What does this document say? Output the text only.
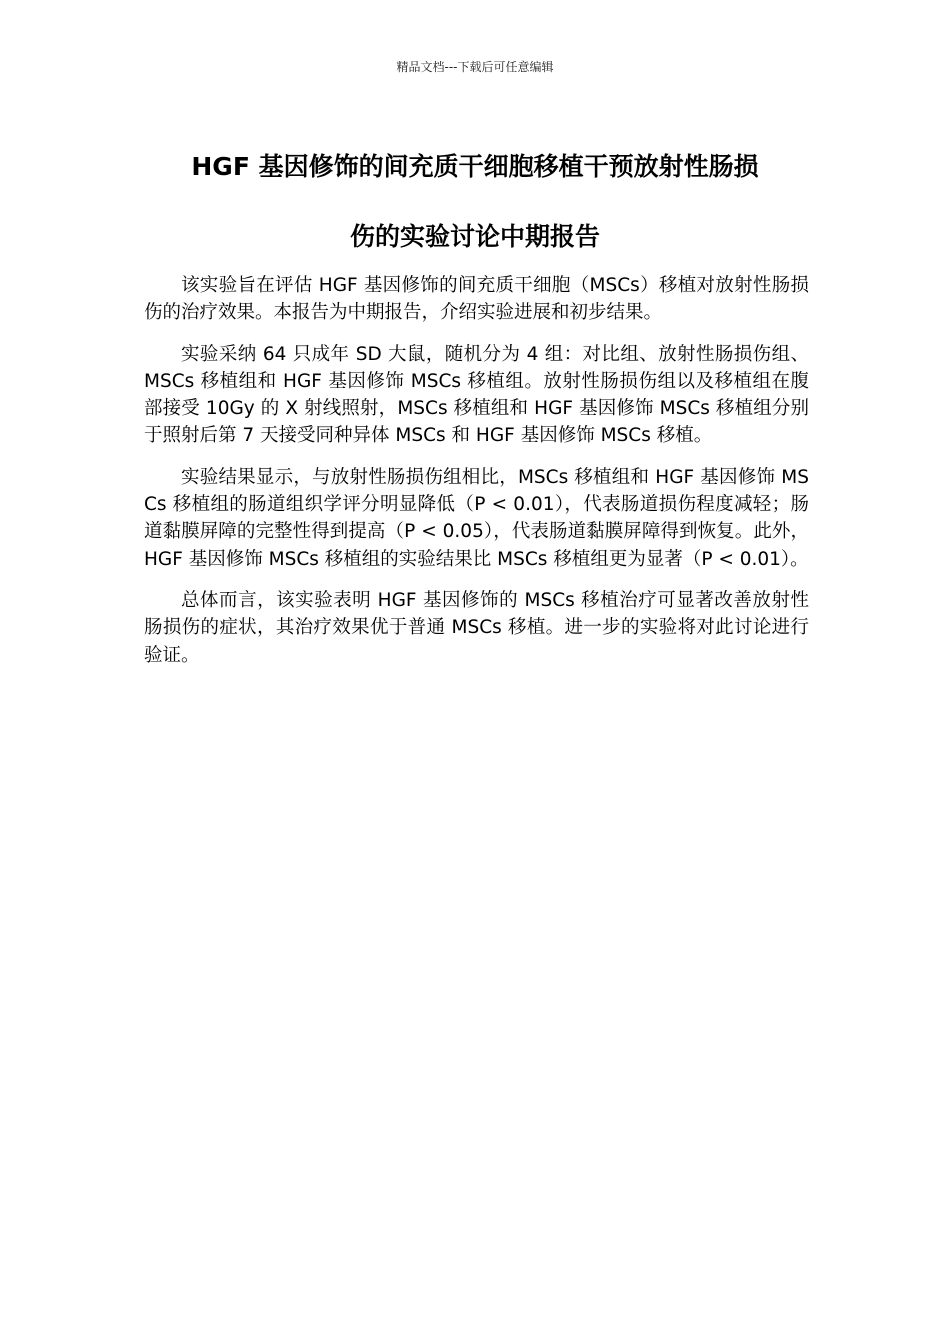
精品文档---下载后可任意编辑
HGF 基因修饰的间充质干细胞移植干预放射性肠损
伤的实验讨论中期报告

该实验旨在评估 HGF 基因修饰的间充质干细胞（MSCs）移植对放射性肠损伤的治疗效果。本报告为中期报告，介绍实验进展和初步结果。

实验采纳 64 只成年 SD 大鼠，随机分为 4 组：对比组、放射性肠损伤组、MSCs 移植组和 HGF 基因修饰 MSCs 移植组。放射性肠损伤组以及移植组在腹部接受 10Gy 的 X 射线照射，MSCs 移植组和 HGF 基因修饰 MSCs 移植组分别于照射后第 7 天接受同种异体 MSCs 和 HGF 基因修饰 MSCs 移植。

实验结果显示，与放射性肠损伤组相比，MSCs 移植组和 HGF 基因修饰 MSCs 移植组的肠道组织学评分明显降低（P < 0.01），代表肠道损伤程度减轻；肠道黏膜屏障的完整性得到提高（P < 0.05），代表肠道黏膜屏障得到恢复。此外，HGF 基因修饰 MSCs 移植组的实验结果比 MSCs 移植组更为显著（P < 0.01）。

总体而言，该实验表明 HGF 基因修饰的 MSCs 移植治疗可显著改善放射性肠损伤的症状，其治疗效果优于普通 MSCs 移植。进一步的实验将对此讨论进行验证。
